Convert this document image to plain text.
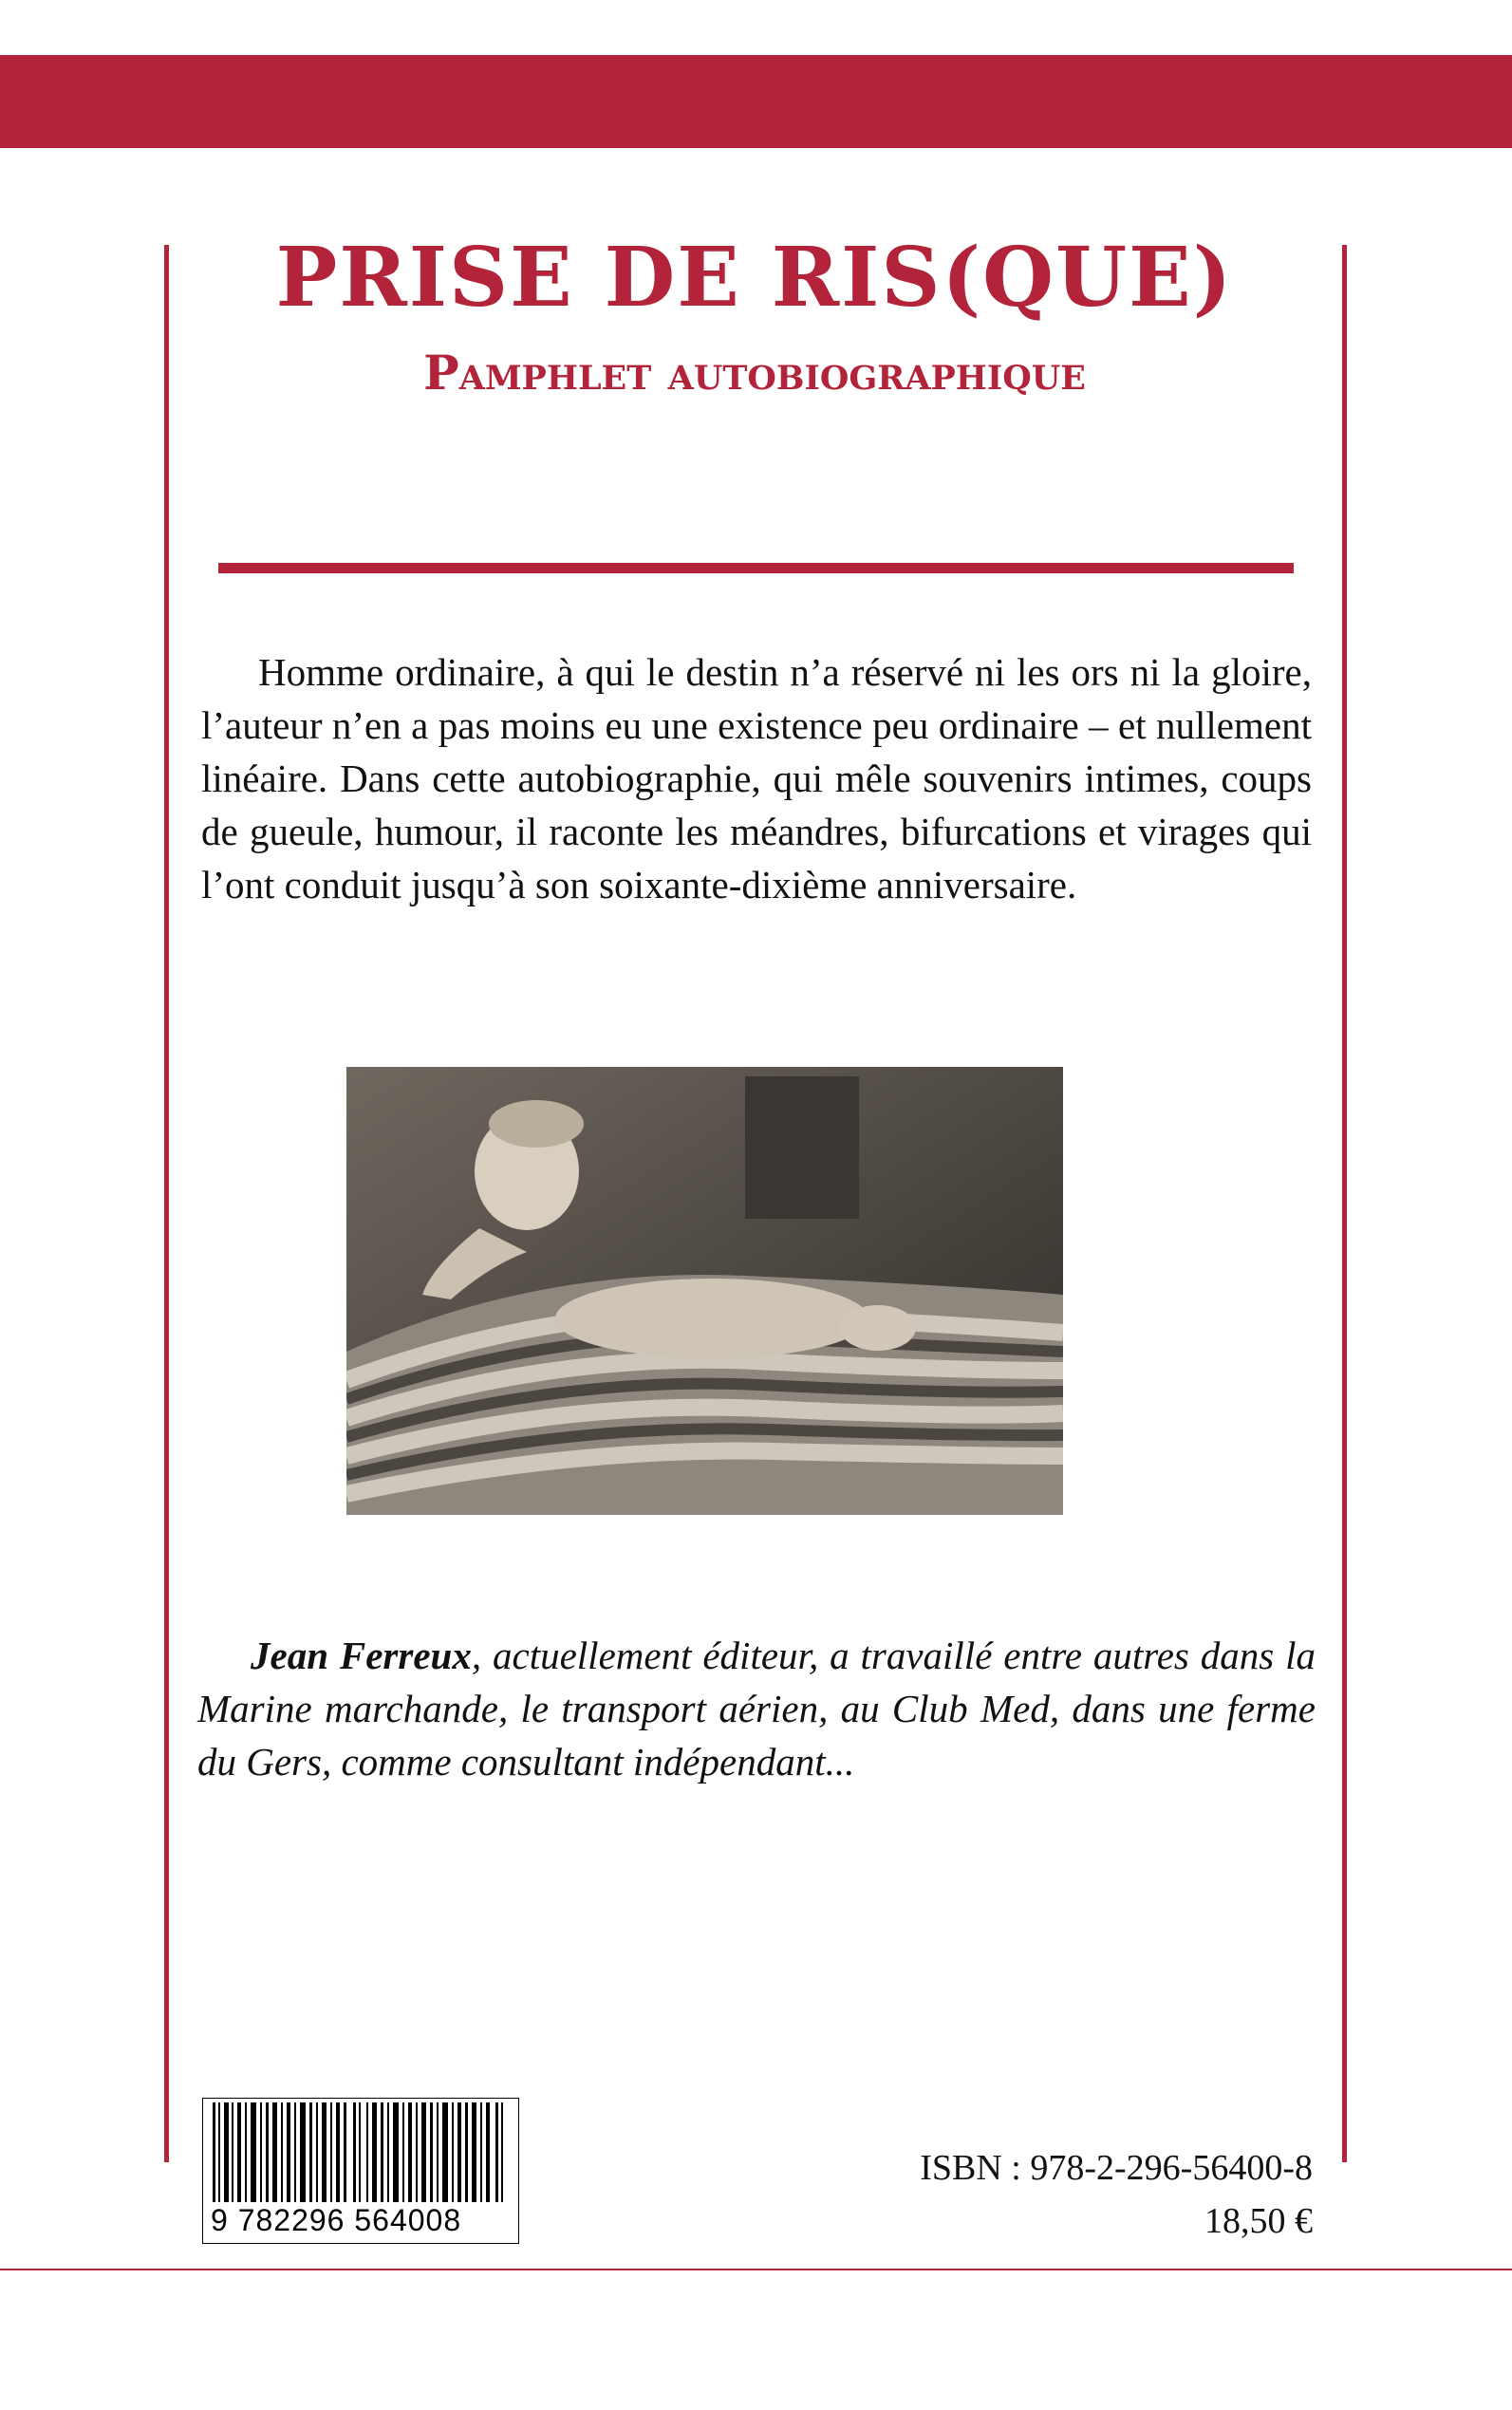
PRISE DE RIS(QUE)
Pamphlet autobiographique

Homme ordinaire, à qui le destin n’a réservé ni les ors ni la gloire, l’auteur n’en a pas moins eu une existence peu ordinaire – et nullement linéaire. Dans cette autobiographie, qui mêle souvenirs intimes, coups de gueule, humour, il raconte les méandres, bifurcations et virages qui l’ont conduit jusqu’à son soixante-dixième anniversaire.

Jean Ferreux, actuellement éditeur, a travaillé entre autres dans la Marine marchande, le transport aérien, au Club Med, dans une ferme du Gers, comme consultant indépendant...

9 782296 564008
ISBN : 978-2-296-56400-8
18,50 €
